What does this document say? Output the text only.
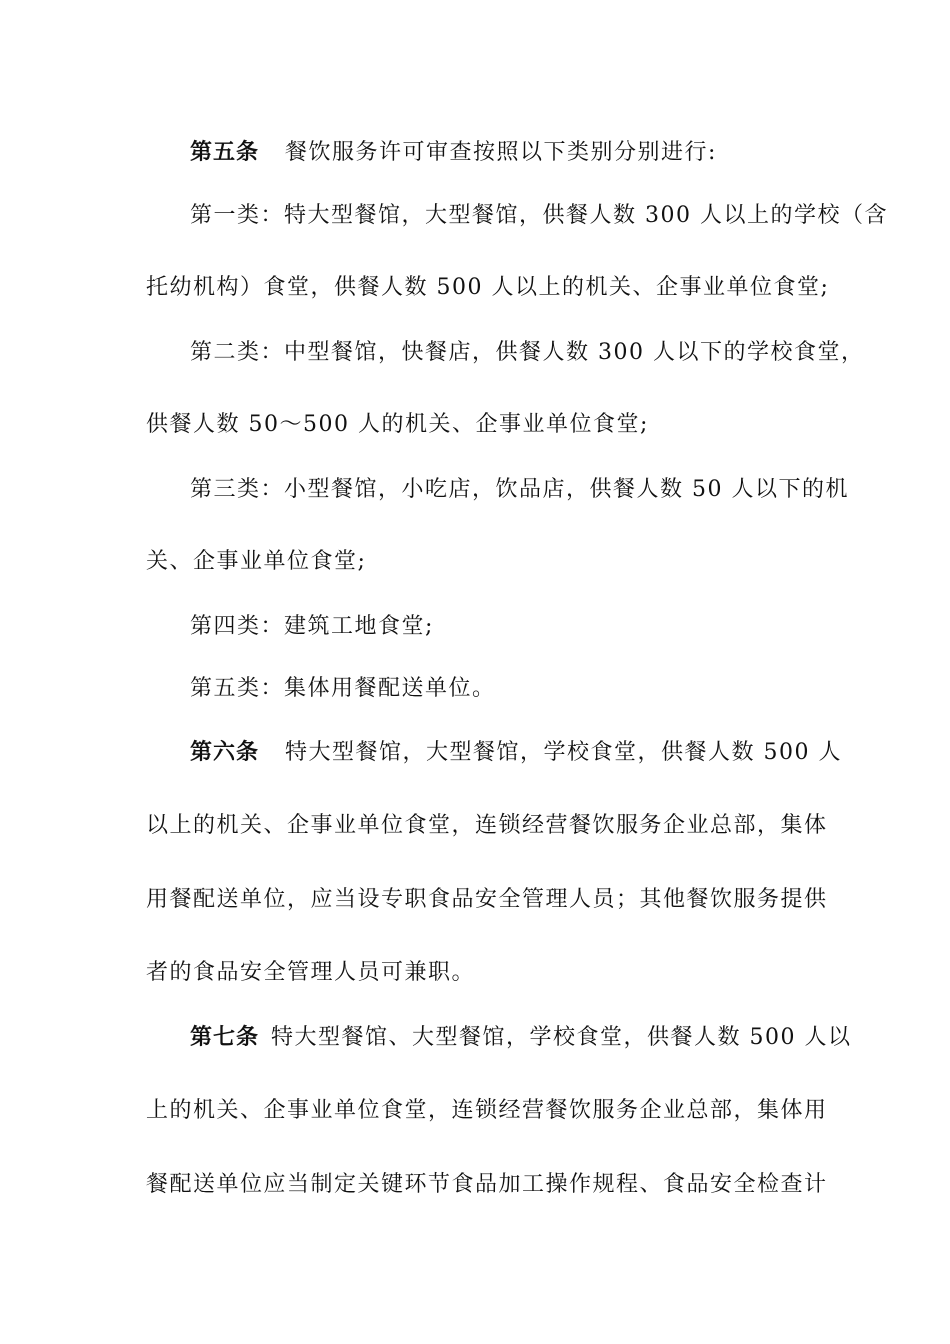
第五条 餐饮服务许可审查按照以下类别分别进行:
第一类：特大型餐馆，大型餐馆，供餐人数 300 人以上的学校（含
托幼机构）食堂，供餐人数 500 人以上的机关、企事业单位食堂;
第二类：中型餐馆，快餐店，供餐人数 300 人以下的学校食堂，
供餐人数 50～500 人的机关、企事业单位食堂;
第三类：小型餐馆，小吃店，饮品店，供餐人数 50 人以下的机
关、企事业单位食堂;
第四类：建筑工地食堂;
第五类：集体用餐配送单位。
第六条 特大型餐馆，大型餐馆，学校食堂，供餐人数 500 人
以上的机关、企事业单位食堂，连锁经营餐饮服务企业总部，集体
用餐配送单位，应当设专职食品安全管理人员；其他餐饮服务提供
者的食品安全管理人员可兼职。
第七条 特大型餐馆、大型餐馆，学校食堂，供餐人数 500 人以
上的机关、企事业单位食堂，连锁经营餐饮服务企业总部，集体用
餐配送单位应当制定关键环节食品加工操作规程、食品安全检查计
